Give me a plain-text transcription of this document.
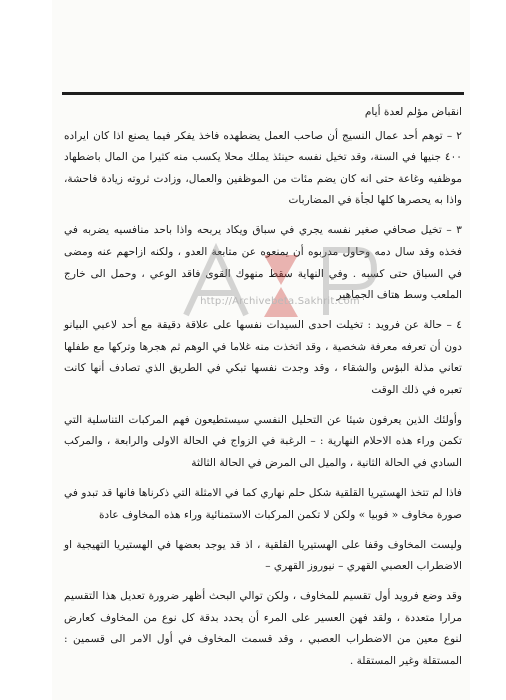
انقباض مؤلم لعدة أيام

٢ – توهم أحد عمال النسيج أن صاحب العمل يضطهده فاخذ يفكر فيما يصنع اذا كان ايراده ٤٠٠ جنيها في السنة، وقد تخيل نفسه حينئذ يملك محلا يكسب منه كثيرا من المال باضطهاد موظفيه وغاعة حتى انه كان يضم مئات من الموظفين والعمال، وزادت ثروته زيادة فاحشة، واذا به يحصرها كلها لجأة في المضاربات

٣ – تخيل صحافي صغير نفسه يجري في سباق ويكاد يربحه واذا باحد منافسيه يضربه في فخذه وقد سال دمه وحاول مدربوه أن يمنعوه عن متابعة العدو ، ولكنه ازاحهم عنه ومضى في السباق حتى كسبه . وفي النهاية سقط منهوك القوى فاقد الوعي ، وحمل الى خارج الملعب وسط هتاف الجماهير

٤ – حالة عن فرويد : تخيلت احدى السيدات نفسها على علاقة دقيقة مع أحد لاعبي البيانو دون أن تعرفه معرفة شخصية ، وقد اتخذت منه غلاما في الوهم ثم هجرها وتركها مع طفلها تعاني مذلة البؤس والشقاء ، وقد وجدت نفسها تبكي في الطريق الذي تصادف أنها كانت تعبره في ذلك الوقت

وأولئك الذين يعرفون شيئا عن التحليل النفسي سيستطيعون فهم المركبات التناسلية التي تكمن وراء هذه الاحلام النهارية : – الرغبة في الزواج في الحالة الاولى والرابعة ، والمركب السادي في الحالة الثانية ، والميل الى المرض في الحالة الثالثة

فاذا لم تتخذ الهستيريا القلقية شكل حلم نهاري كما في الامثلة التي ذكرناها فانها قد تبدو في صورة مخاوف « فوبيا » ولكن لا تكمن المركبات الاستمنائية وراء هذه المخاوف عادة

وليست المخاوف وقفا على الهستيريا القلقية ، اذ قد يوجد بعضها في الهستيريا التهيجية او الاضطراب العصبي القهري – نيوروز القهري –

وقد وضع فرويد أول تقسيم للمخاوف ، ولكن توالي البحث أظهر ضرورة تعديل هذا التقسيم مرارا متعددة ، ولقد فهن العسير على المرء أن يحدد بدقة كل نوع من المخاوف كعارض لنوع معين من الاضطراب العصبي ، وقد قسمت المخاوف في أول الامر الى قسمين : المستقلة وغير المستقلة .

http://Archivebeta.Sakhrit.com
